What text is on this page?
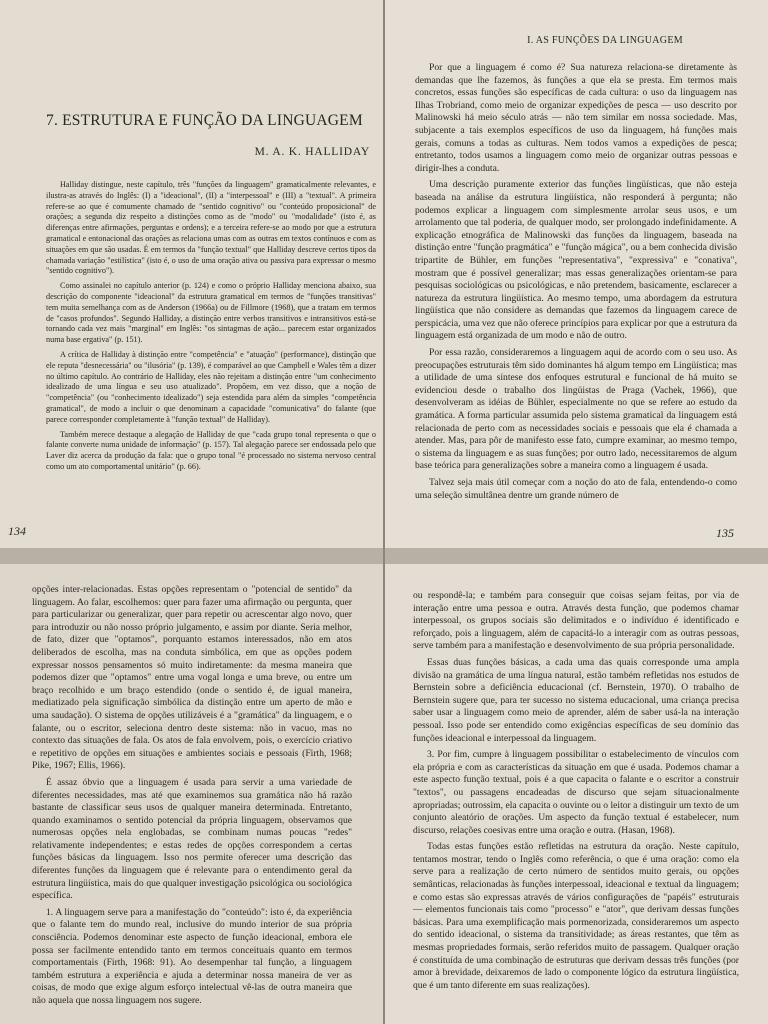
7. ESTRUTURA E FUNÇÃO DA LINGUAGEM
M. A. K. HALLIDAY

Halliday distingue, neste capítulo, três "funções da linguagem" gramaticalmente relevantes, e ilustra-as através do Inglês: (I) a "ideacional", (II) a "interpessoal" e (III) a "textual". A primeira refere-se ao que é comumente chamado de "sentido cognitivo" ou "conteúdo proposicional" de orações; a segunda diz respeito a distinções como as de "modo" ou "modalidade" (isto é, as diferenças entre afirmações, perguntas e ordens); e a terceira refere-se ao modo por que a estrutura gramatical e entonacional das orações as relaciona umas com as outras em textos contínuos e com as situações em que são usadas. É em termos da "função textual" que Halliday descreve certos tipos da chamada variação "estilística" (isto é, o uso de uma oração ativa ou passiva para expressar o mesmo "sentido cognitivo").

Como assinalei no capítulo anterior (p. 124) e como o próprio Halliday menciona abaixo, sua descrição do componente "ideacional" da estrutura gramatical em termos de "funções transitivas" tem muita semelhança com as de Anderson (1966a) ou de Fillmore (1968), que a tratam em termos de "casos profundos". Segundo Halliday, a distinção entre verbos transitivos e intransitivos está-se tornando cada vez mais "marginal" em Inglês: "os sintagmas de ação... parecem estar organizados numa base ergativa" (p. 151).

A crítica de Halliday à distinção entre "competência" e "atuação" (performance), distinção que ele reputa "desnecessária" ou "ilusória" (p. 139), é comparável ao que Campbell e Wales têm a dizer no último capítulo. Ao contrário de Halliday, eles não rejeitam a distinção entre "um conhecimento idealizado de uma língua e seu uso atualizado". Propõem, em vez disso, que a noção de "competência" (ou "conhecimento idealizado") seja estendida para além da simples "competência gramatical", de modo a incluir o que denominam a capacidade "comunicativa" do falante (que parece corresponder completamente à "função textual" de Halliday).

Também merece destaque a alegação de Halliday de que "cada grupo tonal representa o que o falante converte numa unidade de informação" (p. 157). Tal alegação parece ser endossada pelo que Laver diz acerca da produção da fala: que o grupo tonal "é processado no sistema nervoso central como um ato comportamental unitário" (p. 66).

134
I. AS FUNÇÕES DA LINGUAGEM

Por que a linguagem é como é? Sua natureza relaciona-se diretamente às demandas que lhe fazemos, às funções a que ela se presta. Em termos mais concretos, essas funções são específicas de cada cultura: o uso da linguagem nas Ilhas Trobriand, como meio de organizar expedições de pesca — uso descrito por Malinowski há meio século atrás — não tem similar em nossa sociedade. Mas, subjacente a tais exemplos específicos de uso da linguagem, há funções mais gerais, comuns a todas as culturas. Nem todos vamos a expedições de pesca; entretanto, todos usamos a linguagem como meio de organizar outras pessoas e dirigir-lhes a conduta.

Uma descrição puramente exterior das funções lingüísticas, que não esteja baseada na análise da estrutura lingüística, não responderá à pergunta; não podemos explicar a linguagem com simplesmente arrolar seus usos, e um arrolamento que tal poderia, de qualquer modo, ser prolongado indefinidamente. A explicação etnográfica de Malinowski das funções da linguagem, baseada na distinção entre "função pragmática" e "função mágica", ou a bem conhecida divisão tripartite de Bühler, em funções "representativa", "expressiva" e "conativa", mostram que é possível generalizar; mas essas generalizações orientam-se para pesquisas sociológicas ou psicológicas, e não pretendem, basicamente, esclarecer a natureza da estrutura lingüística. Ao mesmo tempo, uma abordagem da estrutura lingüística que não considere as demandas que fazemos da linguagem carece de perspicácia, uma vez que não oferece princípios para explicar por que a estrutura da linguagem está organizada de um modo e não de outro.

Por essa razão, consideraremos a linguagem aqui de acordo com o seu uso. As preocupações estruturais têm sido dominantes há algum tempo em Lingüística; mas a utilidade de uma síntese dos enfoques estrutural e funcional de há muito se evidenciou desde o trabalho dos lingüistas de Praga (Vachek, 1966), que desenvolveram as idéias de Bühler, especialmente no que se refere ao estudo da gramática. A forma particular assumida pelo sistema gramatical da linguagem está relacionada de perto com as necessidades sociais e pessoais que ela é chamada a atender. Mas, para pôr de manifesto esse fato, cumpre examinar, ao mesmo tempo, o sistema da linguagem e as suas funções; por outro lado, necessitaremos de algum base teórica para generalizações sobre a maneira como a linguagem é usada.

Talvez seja mais útil começar com a noção do ato de fala, entendendo-o como uma seleção simultânea dentre um grande número de

135

opções inter-relacionadas. Estas opções representam o "potencial de sentido" da linguagem. Ao falar, escolhemos: quer para fazer uma afirmação ou pergunta, quer para particularizar ou generalizar, quer para repetir ou acrescentar algo novo, quer para introduzir ou não nosso próprio julgamento, e assim por diante. Seria melhor, de fato, dizer que "optamos", porquanto estamos interessados, não em atos deliberados de escolha, mas na conduta simbólica, em que as opções podem expressar nossos pensamentos só muito indiretamente: da mesma maneira que podemos dizer que "optamos" entre uma vogal longa e uma breve, ou entre um braço recolhido e um braço estendido (onde o sentido é, de igual maneira, mediatizado pela significação simbólica da distinção entre um aperto de mão e uma saudação). O sistema de opções utilizáveis é a "gramática" da linguagem, e o falante, ou o escritor, seleciona dentro deste sistema: não in vacuo, mas no contexto das situações de fala. Os atos de fala envolvem, pois, o exercício criativo e repetitivo de opções em situações e ambientes sociais e pessoais (Firth, 1968; Pike, 1967; Ellis, 1966).

É assaz óbvio que a linguagem é usada para servir a uma variedade de diferentes necessidades, mas até que examinemos sua gramática não há razão bastante de classificar seus usos de qualquer maneira determinada. Entretanto, quando examinamos o sentido potencial da própria linguagem, observamos que numerosas opções nela englobadas, se combinam numas poucas "redes" relativamente independentes; e estas redes de opções correspondem a certas funções básicas da linguagem. Isso nos permite oferecer uma descrição das diferentes funções da linguagem que é relevante para o entendimento geral da estrutura lingüística, mais do que qualquer investigação psicológica ou sociológica específica.

1. A linguagem serve para a manifestação do "conteúdo": isto é, da experiência que o falante tem do mundo real, inclusive do mundo interior de sua própria consciência. Podemos denominar este aspecto de função ideacional, embora ele possa ser facilmente entendido tanto em termos conceituais quanto em termos comportamentais (Firth, 1968: 91). Ao desempenhar tal função, a linguagem também estrutura a experiência e ajuda a determinar nossa maneira de ver as coisas, de modo que exige algum esforço intelectual vê-las de outra maneira que não aquela que nossa linguagem nos sugere.

ou respondê-la; e também para conseguir que coisas sejam feitas, por via de interação entre uma pessoa e outra. Através desta função, que podemos chamar interpessoal, os grupos sociais são delimitados e o indivíduo é identificado e reforçado, pois a linguagem, além de capacitá-lo a interagir com as outras pessoas, serve também para a manifestação e desenvolvimento de sua própria personalidade.

Essas duas funções básicas, a cada uma das quais corresponde uma ampla divisão na gramática de uma língua natural, estão também refletidas nos estudos de Bernstein sobre a deficiência educacional (cf. Bernstein, 1970). O trabalho de Bernstein sugere que, para ter sucesso no sistema educacional, uma criança precisa saber usar a linguagem como meio de aprender, além de saber usá-la na interação pessoal. Isso pode ser entendido como exigências específicas de seu domínio das funções ideacional e interpessoal da linguagem.

3. Por fim, cumpre à linguagem possibilitar o estabelecimento de vínculos com ela própria e com as características da situação em que é usada. Podemos chamar a este aspecto função textual, pois é a que capacita o falante e o escritor a construir "textos", ou passagens encadeadas de discurso que sejam situacionalmente apropriadas; outrossim, ela capacita o ouvinte ou o leitor a distinguir um texto de um conjunto aleatório de orações. Um aspecto da função textual é estabelecer, num discurso, relações coesivas entre uma oração e outra. (Hasan, 1968).

Todas estas funções estão refletidas na estrutura da oração. Neste capítulo, tentamos mostrar, tendo o Inglês como referência, o que é uma oração: como ela serve para a realização de certo número de sentidos muito gerais, ou opções semânticas, relacionadas às funções interpessoal, ideacional e textual da linguagem; e como estas são expressas através de vários configurações de "papéis" estruturais — elementos funcionais tais como "processo" e "ator", que derivam dessas funções básicas. Para uma exemplificação mais pormenorizada, consideraremos um aspecto do sentido ideacional, o sistema da transitividade; as áreas restantes, que têm as mesmas propriedades formais, serão referidos muito de passagem. Qualquer oração é constituída de uma combinação de estruturas que derivam dessas três funções (por amor à brevidade, deixaremos de lado o componente lógico da estrutura lingüística, que é um tanto diferente em suas realizações).
